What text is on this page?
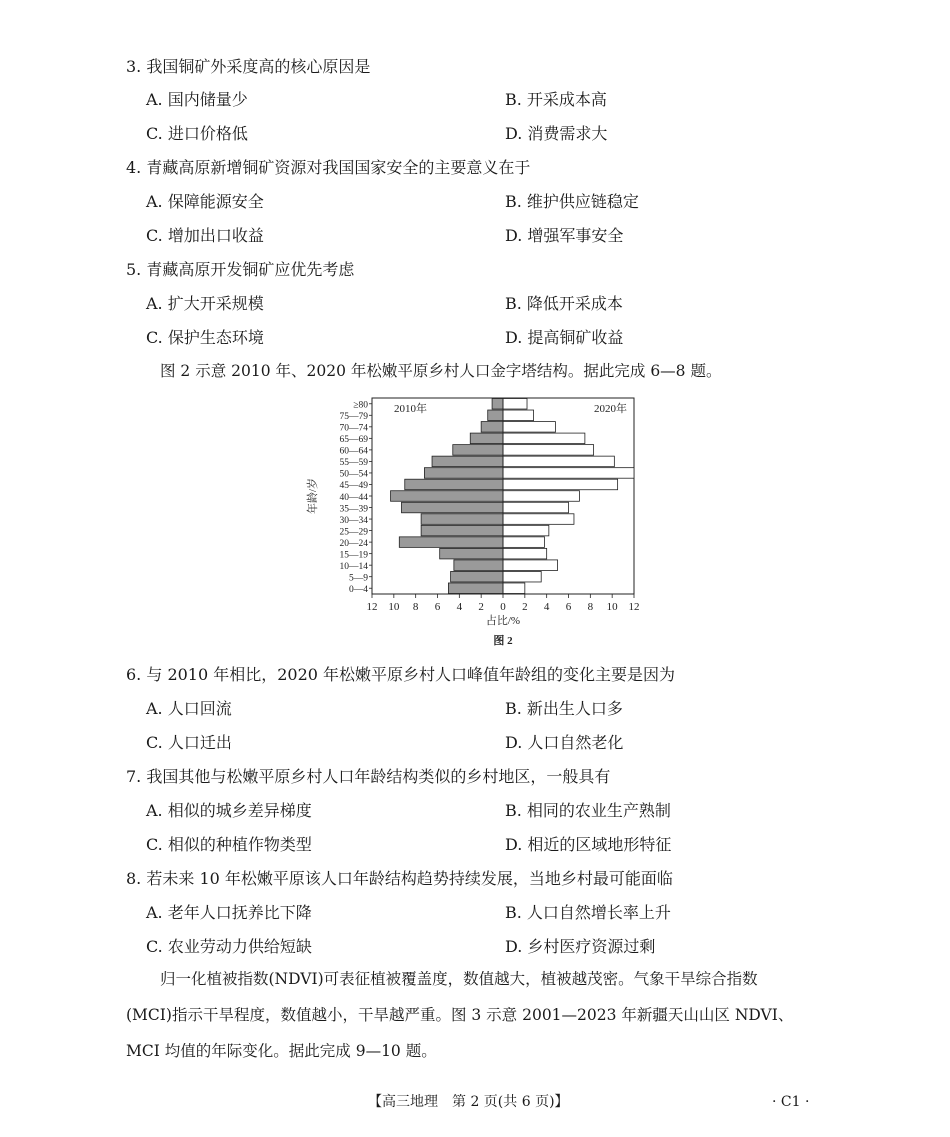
3. 我国铜矿外采度高的核心原因是
A. 国内储量少	B. 开采成本高
C. 进口价格低	D. 消费需求大
4. 青藏高原新增铜矿资源对我国国家安全的主要意义在于
A. 保障能源安全	B. 维护供应链稳定
C. 增加出口收益	D. 增强军事安全
5. 青藏高原开发铜矿应优先考虑
A. 扩大开采规模	B. 降低开采成本
C. 保护生态环境	D. 提高铜矿收益
图 2 示意 2010 年、2020 年松嫩平原乡村人口金字塔结构。据此完成 6—8 题。
2010年	2020年
0—4
5—9
10—14
15—19
20—24
25—29
30—34
35—39
40—44
45—49
50—54
55—59
60—64
65—69
70—74
75—79
≥80
12 10 8 6 4 2 0 2 4 6 8 10 12
占比/%
年龄/岁
图 2
6. 与 2010 年相比，2020 年松嫩平原乡村人口峰值年龄组的变化主要是因为
A. 人口回流	B. 新出生人口多
C. 人口迁出	D. 人口自然老化
7. 我国其他与松嫩平原乡村人口年龄结构类似的乡村地区，一般具有
A. 相似的城乡差异梯度	B. 相同的农业生产熟制
C. 相似的种植作物类型	D. 相近的区域地形特征
8. 若未来 10 年松嫩平原该人口年龄结构趋势持续发展，当地乡村最可能面临
A. 老年人口抚养比下降	B. 人口自然增长率上升
C. 农业劳动力供给短缺	D. 乡村医疗资源过剩
归一化植被指数(NDVI)可表征植被覆盖度，数值越大，植被越茂密。气象干旱综合指数
(MCI)指示干旱程度，数值越小，干旱越严重。图 3 示意 2001—2023 年新疆天山山区 NDVI、
MCI 均值的年际变化。据此完成 9—10 题。
【高三地理　第 2 页(共 6 页)】	· C1 ·
